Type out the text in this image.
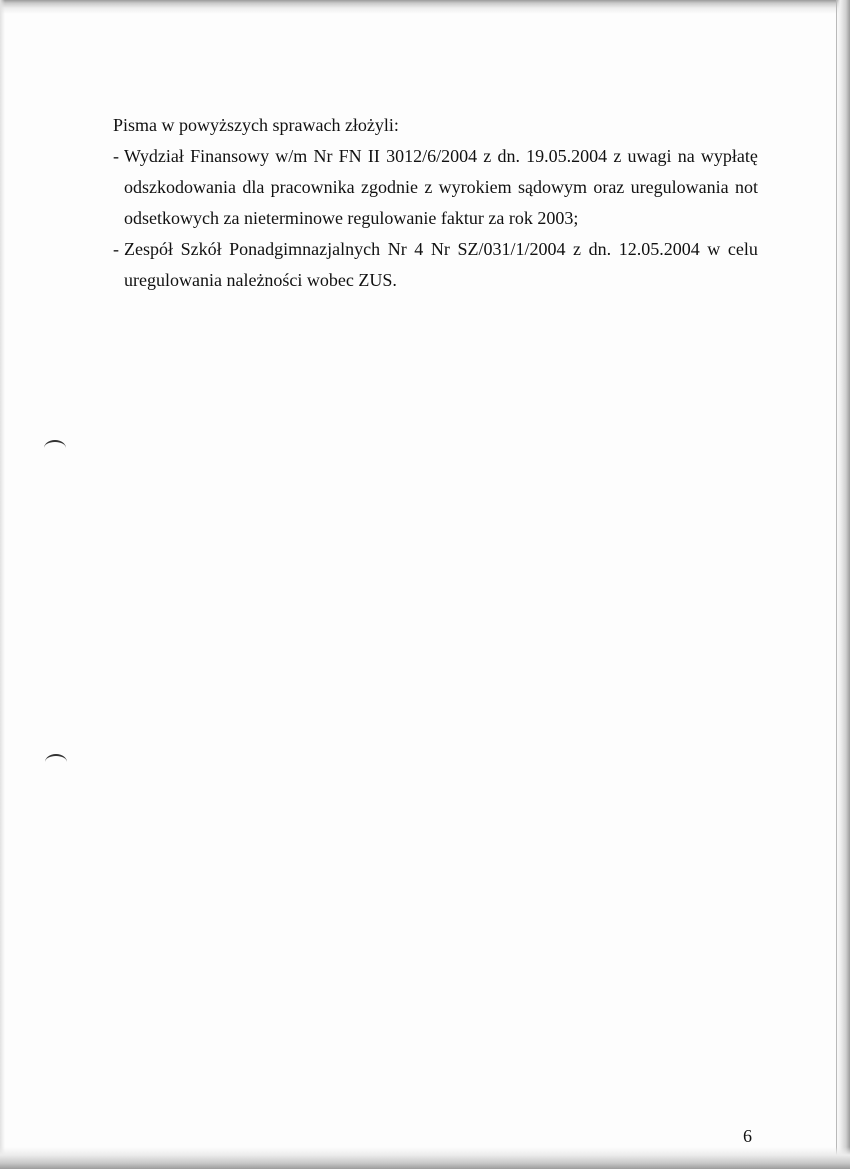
Pisma w powyższych sprawach złożyli:
- Wydział Finansowy w/m Nr FN II 3012/6/2004 z dn. 19.05.2004 z uwagi na wypłatę
odszkodowania dla pracownika zgodnie z wyrokiem sądowym oraz uregulowania not
odsetkowych za nieterminowe regulowanie faktur za rok 2003;
- Zespół Szkół Ponadgimnazjalnych Nr 4 Nr SZ/031/1/2004 z dn. 12.05.2004 w celu
uregulowania należności wobec ZUS.
6
